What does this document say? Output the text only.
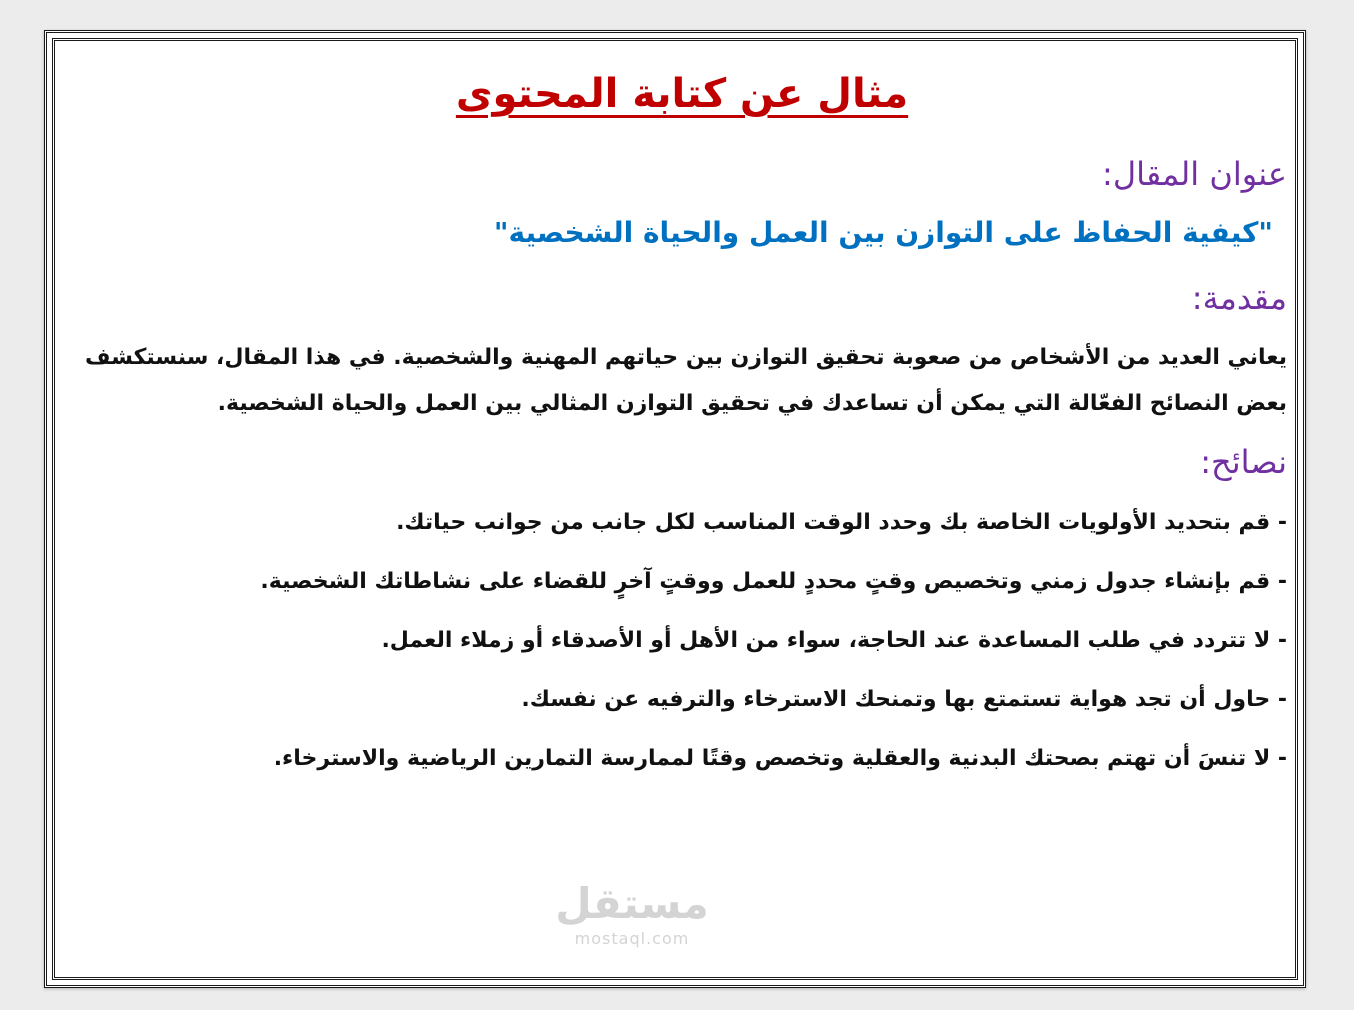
مثال عن كتابة المحتوى
عنوان المقال:

"كيفية الحفاظ على التوازن بين العمل والحياة الشخصية"

مقدمة:

يعاني العديد من الأشخاص من صعوبة تحقيق التوازن بين حياتهم المهنية والشخصية. في هذا المقال، سنستكشف بعض النصائح الفعّالة التي يمكن أن تساعدك في تحقيق التوازن المثالي بين العمل والحياة الشخصية.

نصائح:
- قم بتحديد الأولويات الخاصة بك وحدد الوقت المناسب لكل جانب من جوانب حياتك.
- قم بإنشاء جدول زمني وتخصيص وقتٍ محددٍ للعمل ووقتٍ آخرٍ للقضاء على نشاطاتك الشخصية.
- لا تتردد في طلب المساعدة عند الحاجة، سواء من الأهل أو الأصدقاء أو زملاء العمل.
- حاول أن تجد هواية تستمتع بها وتمنحك الاسترخاء والترفيه عن نفسك.
- لا تنسَ أن تهتم بصحتك البدنية والعقلية وتخصص وقتًا لممارسة التمارين الرياضية والاسترخاء.
مستقل
mostaql.com
